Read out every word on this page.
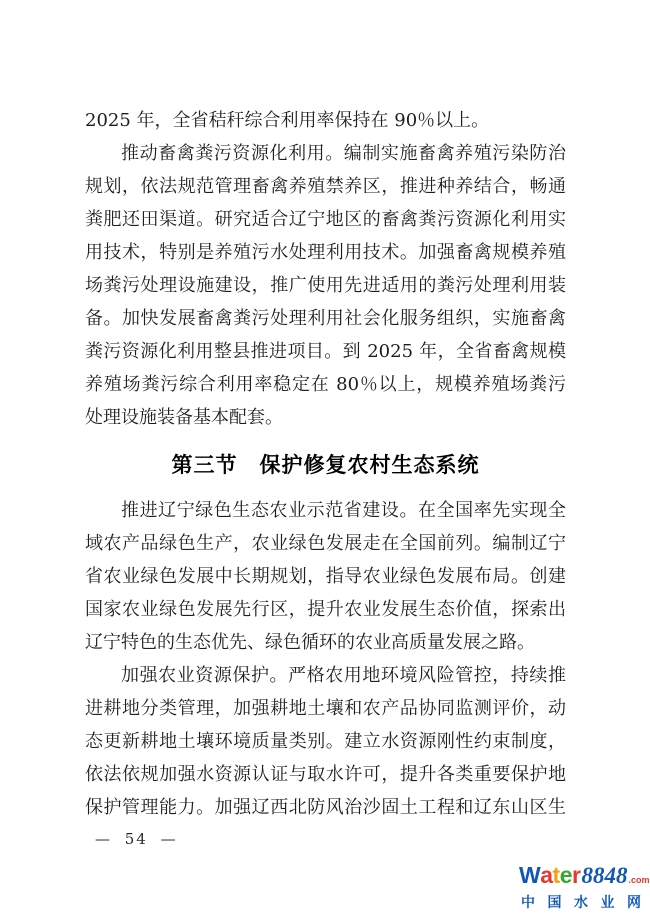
2025 年，全省秸秆综合利用率保持在 90％以上。
推动畜禽粪污资源化利用。编制实施畜禽养殖污染防治
规划，依法规范管理畜禽养殖禁养区，推进种养结合，畅通
粪肥还田渠道。研究适合辽宁地区的畜禽粪污资源化利用实
用技术，特别是养殖污水处理利用技术。加强畜禽规模养殖
场粪污处理设施建设，推广使用先进适用的粪污处理利用装
备。加快发展畜禽粪污处理利用社会化服务组织，实施畜禽
粪污资源化利用整县推进项目。到 2025 年，全省畜禽规模
养殖场粪污综合利用率稳定在 80％以上，规模养殖场粪污
处理设施装备基本配套。
第三节　保护修复农村生态系统
推进辽宁绿色生态农业示范省建设。在全国率先实现全
域农产品绿色生产，农业绿色发展走在全国前列。编制辽宁
省农业绿色发展中长期规划，指导农业绿色发展布局。创建
国家农业绿色发展先行区，提升农业发展生态价值，探索出
辽宁特色的生态优先、绿色循环的农业高质量发展之路。
加强农业资源保护。严格农用地环境风险管控，持续推
进耕地分类管理，加强耕地土壤和农产品协同监测评价，动
态更新耕地土壤环境质量类别。建立水资源刚性约束制度，
依法依规加强水资源认证与取水许可，提升各类重要保护地
保护管理能力。加强辽西北防风治沙固土工程和辽东山区生
— 54 —
W a t e r 8848 .com
中 国 水 业 网
